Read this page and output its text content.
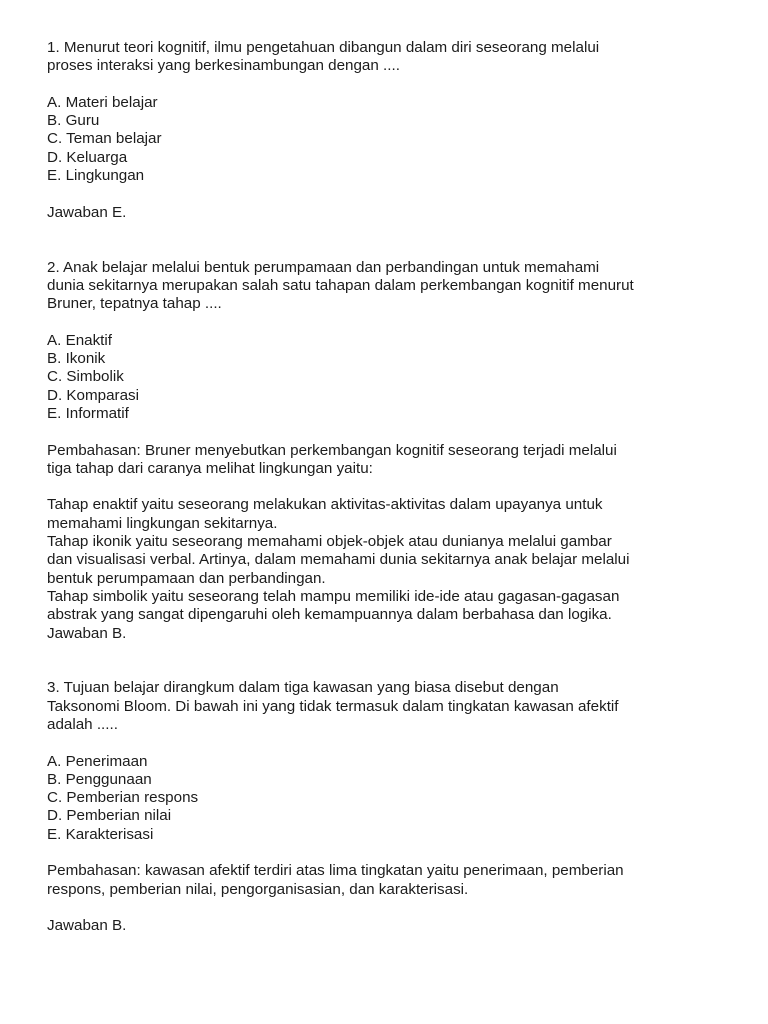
1. Menurut teori kognitif, ilmu pengetahuan dibangun dalam diri seseorang melalui
proses interaksi yang berkesinambungan dengan ....

A. Materi belajar

B. Guru

C. Teman belajar

D. Keluarga

E. Lingkungan

Jawaban E.

2. Anak belajar melalui bentuk perumpamaan dan perbandingan untuk memahami
dunia sekitarnya merupakan salah satu tahapan dalam perkembangan kognitif menurut
Bruner, tepatnya tahap ....

A. Enaktif

B. Ikonik

C. Simbolik

D. Komparasi

E. Informatif

Pembahasan: Bruner menyebutkan perkembangan kognitif seseorang terjadi melalui
tiga tahap dari caranya melihat lingkungan yaitu:

Tahap enaktif yaitu seseorang melakukan aktivitas-aktivitas dalam upayanya untuk
memahami lingkungan sekitarnya.
Tahap ikonik yaitu seseorang memahami objek-objek atau dunianya melalui gambar
dan visualisasi verbal. Artinya, dalam memahami dunia sekitarnya anak belajar melalui
bentuk perumpamaan dan perbandingan.
Tahap simbolik yaitu seseorang telah mampu memiliki ide-ide atau gagasan-gagasan
abstrak yang sangat dipengaruhi oleh kemampuannya dalam berbahasa dan logika.

Jawaban B.

3. Tujuan belajar dirangkum dalam tiga kawasan yang biasa disebut dengan
Taksonomi Bloom. Di bawah ini yang tidak termasuk dalam tingkatan kawasan afektif
adalah .....

A. Penerimaan

B. Penggunaan

C. Pemberian respons

D. Pemberian nilai

E. Karakterisasi

Pembahasan: kawasan afektif terdiri atas lima tingkatan yaitu penerimaan, pemberian
respons, pemberian nilai, pengorganisasian, dan karakterisasi.

Jawaban B.
